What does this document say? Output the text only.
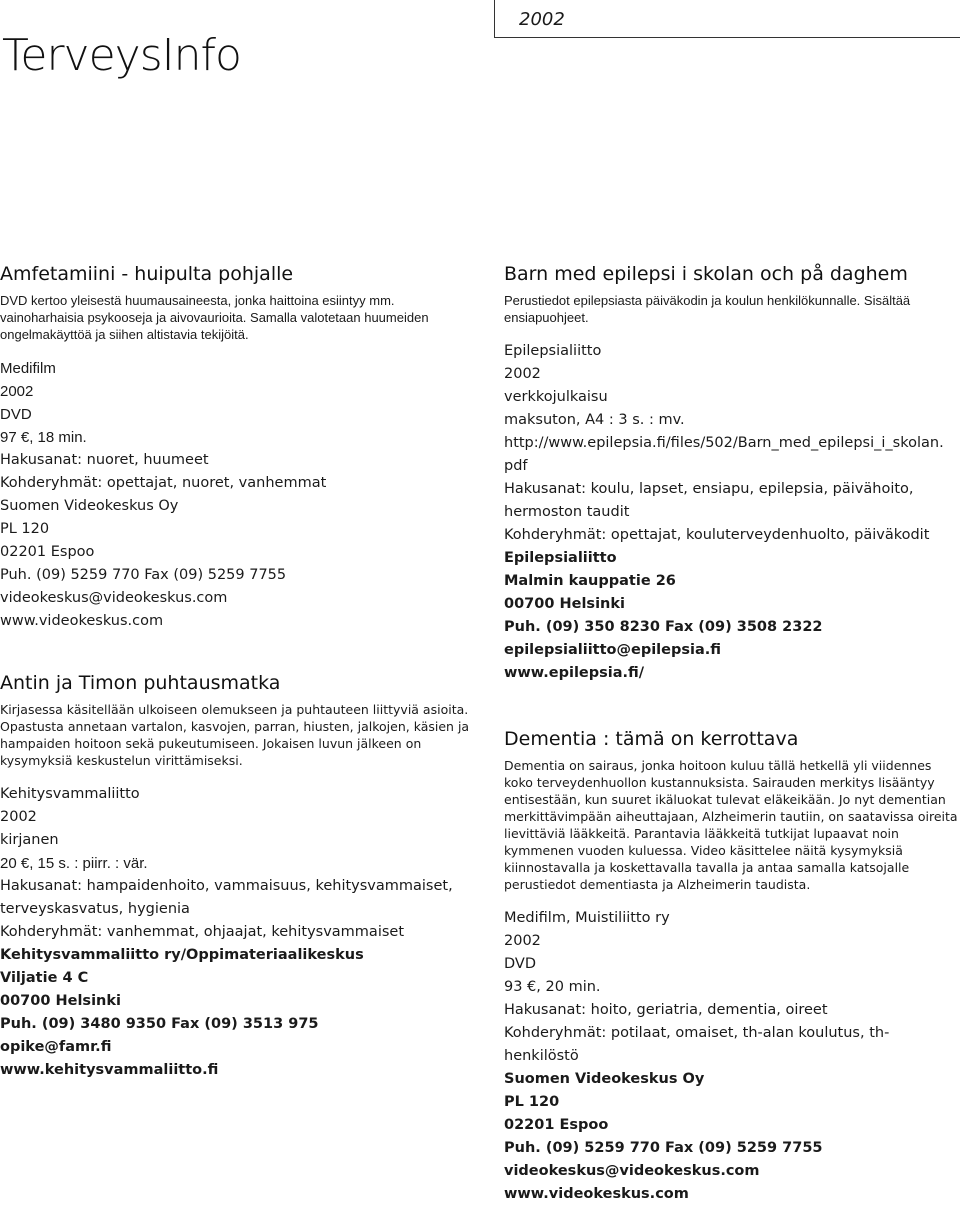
2002
TerveysInfo
Amfetamiini - huipulta pohjalle

DVD kertoo yleisestä huumausaineesta, jonka haittoina esiintyy mm. vainoharhaisia psykooseja ja aivovaurioita. Samalla valotetaan huumeiden ongelmakäyttöä ja siihen altistavia tekijöitä.

Medifilm
2002
DVD
97 €, 18 min.
Hakusanat: nuoret, huumeet
Kohderyhmät: opettajat, nuoret, vanhemmat
Suomen Videokeskus Oy
PL 120
02201 Espoo
Puh. (09) 5259 770 Fax (09) 5259 7755
videokeskus@videokeskus.com
www.videokeskus.com
Antin ja Timon puhtausmatka

Kirjasessa käsitellään ulkoiseen olemukseen ja puhtauteen liittyviä asioita. Opastusta annetaan vartalon, kasvojen, parran, hiusten, jalkojen, käsien ja hampaiden hoitoon sekä pukeutumiseen. Jokaisen luvun jälkeen on kysymyksiä keskustelun virittämiseksi.

Kehitysvammaliitto
2002
kirjanen
20 €, 15 s. : piirr. : vär.
Hakusanat: hampaidenhoito, vammaisuus, kehitysvammaiset, terveyskasvatus, hygienia
Kohderyhmät: vanhemmat, ohjaajat, kehitysvammaiset
Kehitysvammaliitto ry/Oppimateriaalikeskus
Viljatie 4 C
00700 Helsinki
Puh. (09) 3480 9350 Fax (09) 3513 975
opike@famr.fi
www.kehitysvammaliitto.fi
Barn med epilepsi i skolan och på daghem

Perustiedot epilepsiasta päiväkodin ja koulun henkilökunnalle. Sisältää ensiapuohjeet.

Epilepsialiitto
2002
verkkojulkaisu
maksuton, A4 : 3 s. : mv.
http://www.epilepsia.fi/files/502/Barn_med_epilepsi_i_skolan.
pdf
Hakusanat: koulu, lapset, ensiapu, epilepsia, päivähoito, hermoston taudit
Kohderyhmät: opettajat, kouluterveydenhuolto, päiväkodit
Epilepsialiitto
Malmin kauppatie 26
00700 Helsinki
Puh. (09) 350 8230 Fax (09) 3508 2322
epilepsialiitto@epilepsia.fi
www.epilepsia.fi/
Dementia : tämä on kerrottava

Dementia on sairaus, jonka hoitoon kuluu tällä hetkellä yli viidennes koko terveydenhuollon kustannuksista. Sairauden merkitys lisääntyy entisestään, kun suuret ikäluokat tulevat eläkeikään. Jo nyt dementian merkittävimpään aiheuttajaan, Alzheimerin tautiin, on saatavissa oireita lievittäviä lääkkeitä. Parantavia lääkkeitä tutkijat lupaavat noin kymmenen vuoden kuluessa. Video käsittelee näitä kysymyksiä kiinnostavalla ja koskettavalla tavalla ja antaa samalla katsojalle perustiedot dementiasta ja Alzheimerin taudista.

Medifilm, Muistiliitto ry
2002
DVD
93 €, 20 min.
Hakusanat: hoito, geriatria, dementia, oireet
Kohderyhmät: potilaat, omaiset, th-alan koulutus, th-henkilöstö
Suomen Videokeskus Oy
PL 120
02201 Espoo
Puh. (09) 5259 770 Fax (09) 5259 7755
videokeskus@videokeskus.com
www.videokeskus.com
